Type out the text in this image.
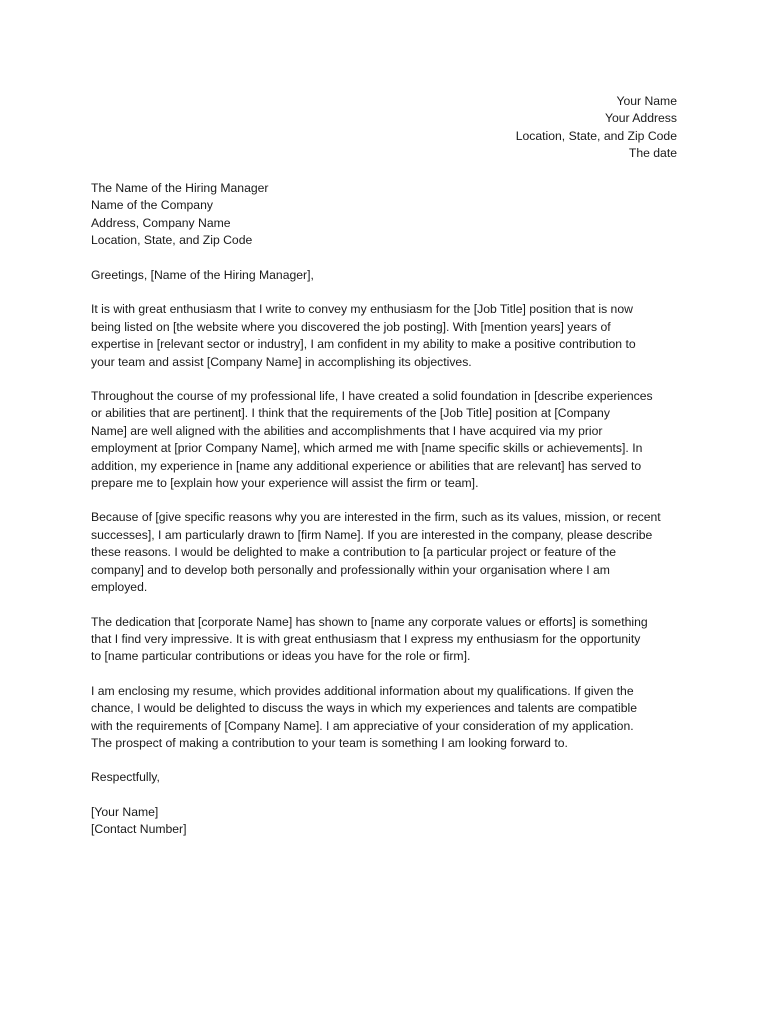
Your Name
Your Address
Location, State, and Zip Code
The date
The Name of the Hiring Manager
Name of the Company
Address, Company Name
Location, State, and Zip Code

Greetings, [Name of the Hiring Manager],

It is with great enthusiasm that I write to convey my enthusiasm for the [Job Title] position that is now
being listed on [the website where you discovered the job posting]. With [mention years] years of
expertise in [relevant sector or industry], I am confident in my ability to make a positive contribution to
your team and assist [Company Name] in accomplishing its objectives.

Throughout the course of my professional life, I have created a solid foundation in [describe experiences
or abilities that are pertinent]. I think that the requirements of the [Job Title] position at [Company
Name] are well aligned with the abilities and accomplishments that I have acquired via my prior
employment at [prior Company Name], which armed me with [name specific skills or achievements]. In
addition, my experience in [name any additional experience or abilities that are relevant] has served to
prepare me to [explain how your experience will assist the firm or team].

Because of [give specific reasons why you are interested in the firm, such as its values, mission, or recent
successes], I am particularly drawn to [firm Name]. If you are interested in the company, please describe
these reasons. I would be delighted to make a contribution to [a particular project or feature of the
company] and to develop both personally and professionally within your organisation where I am
employed.

The dedication that [corporate Name] has shown to [name any corporate values or efforts] is something
that I find very impressive. It is with great enthusiasm that I express my enthusiasm for the opportunity
to [name particular contributions or ideas you have for the role or firm].

I am enclosing my resume, which provides additional information about my qualifications. If given the
chance, I would be delighted to discuss the ways in which my experiences and talents are compatible
with the requirements of [Company Name]. I am appreciative of your consideration of my application.
The prospect of making a contribution to your team is something I am looking forward to.

Respectfully,

[Your Name]
[Contact Number]
